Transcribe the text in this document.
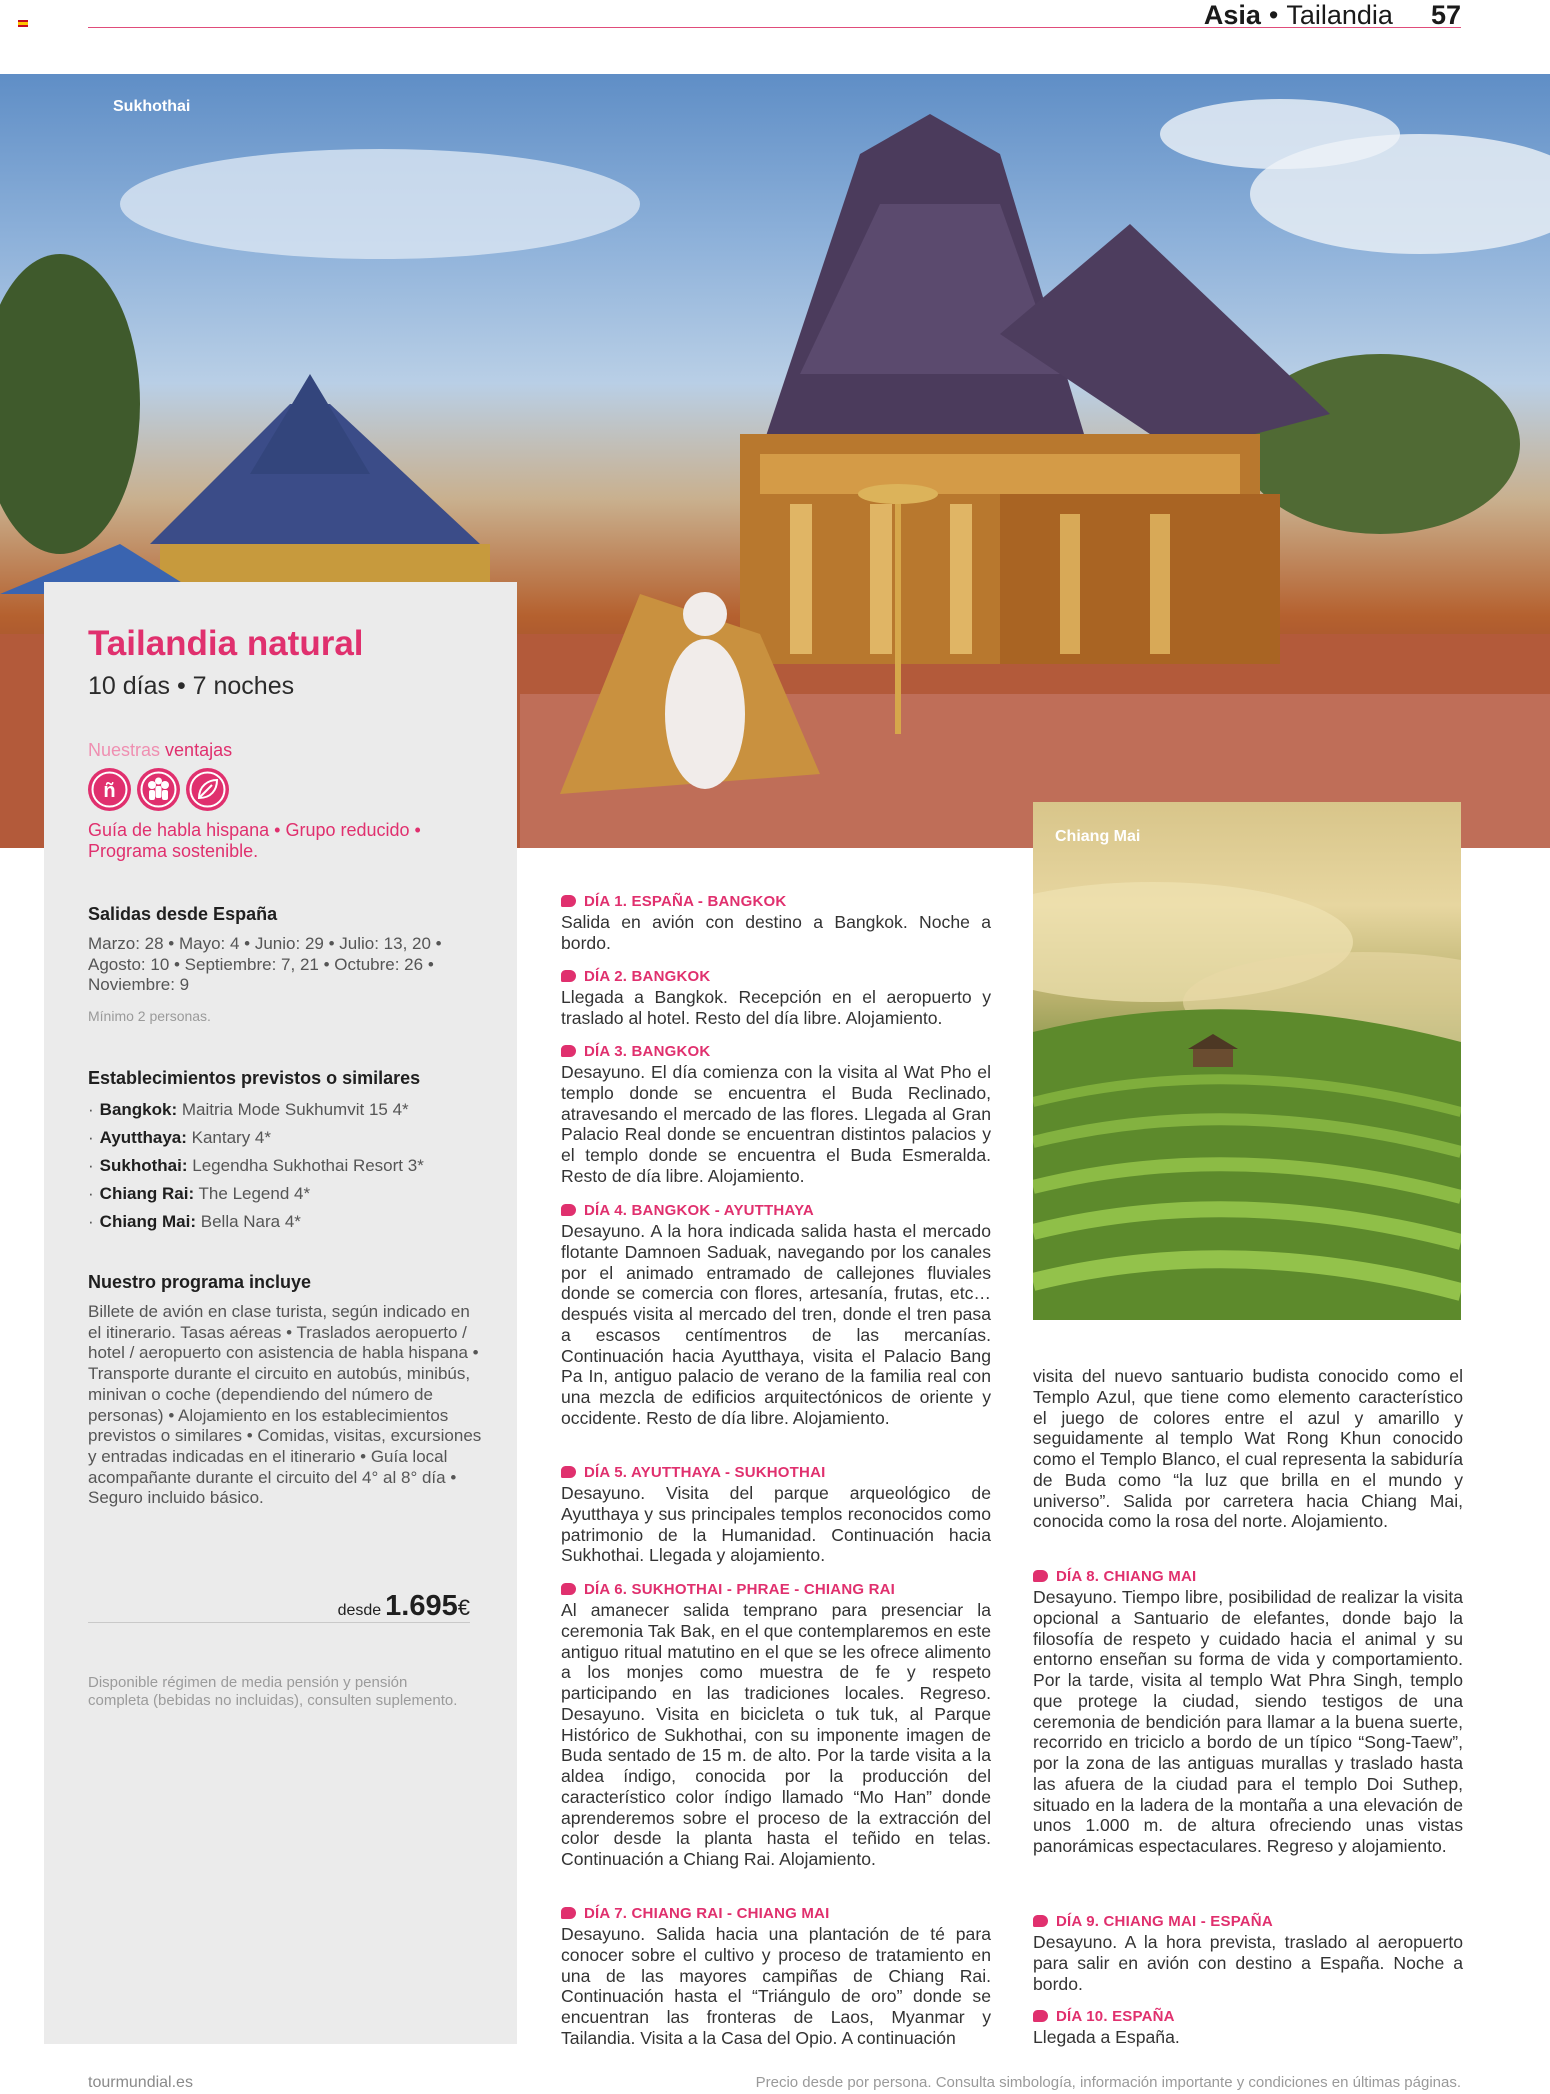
Asia • Tailandia 57
Sukhothai
Tailandia natural
10 días • 7 noches
Nuestras ventajas
ñ
Guía de habla hispana • Grupo reducido • Programa sostenible.
Salidas desde España
Marzo: 28 • Mayo: 4 • Junio: 29 • Julio: 13, 20 • Agosto: 10 • Septiembre: 7, 21 • Octubre: 26 • Noviembre: 9
Mínimo 2 personas.
Establecimientos previstos o similares
· Bangkok: Maitria Mode Sukhumvit 15 4*
· Ayutthaya: Kantary 4*
· Sukhothai: Legendha Sukhothai Resort 3*
· Chiang Rai: The Legend 4*
· Chiang Mai: Bella Nara 4*
Nuestro programa incluye
Billete de avión en clase turista, según indicado en el itinerario. Tasas aéreas • Traslados aeropuerto / hotel / aeropuerto con asistencia de habla hispana • Transporte durante el circuito en autobús, minibús, minivan o coche (dependiendo del número de personas) • Alojamiento en los establecimientos previstos o similares • Comidas, visitas, excursiones y entradas indicadas en el itinerario • Guía local acompañante durante el circuito del 4° al 8° día • Seguro incluido básico.
desde 1.695€
Disponible régimen de media pensión y pensión completa (bebidas no incluidas), consulten suplemento.
DÍA 1. ESPAÑA - BANGKOK
Salida en avión con destino a Bangkok. Noche a bordo.
DÍA 2. BANGKOK
Llegada a Bangkok. Recepción en el aeropuerto y traslado al hotel. Resto del día libre. Alojamiento.
DÍA 3. BANGKOK
Desayuno. El día comienza con la visita al Wat Pho el templo donde se encuentra el Buda Reclinado, atravesando el mercado de las flores. Llegada al Gran Palacio Real donde se encuentran distintos palacios y el templo donde se encuentra el Buda Esmeralda. Resto de día libre. Alojamiento.
DÍA 4. BANGKOK - AYUTTHAYA
Desayuno. A la hora indicada salida hasta el mercado flotante Damnoen Saduak, navegando por los canales por el animado entramado de callejones fluviales donde se comercia con flores, artesanía, frutas, etc… después visita al mercado del tren, donde el tren pasa a escasos centímentros de las mercanías. Continuación hacia Ayutthaya, visita el Palacio Bang Pa In, antiguo palacio de verano de la familia real con una mezcla de edificios arquitectónicos de oriente y occidente. Resto de día libre. Alojamiento.
DÍA 5. AYUTTHAYA - SUKHOTHAI
Desayuno. Visita del parque arqueológico de Ayutthaya y sus principales templos reconocidos como patrimonio de la Humanidad. Continuación hacia Sukhothai. Llegada y alojamiento.
DÍA 6. SUKHOTHAI - PHRAE - CHIANG RAI
Al amanecer salida temprano para presenciar la ceremonia Tak Bak, en el que contemplaremos en este antiguo ritual matutino en el que se les ofrece alimento a los monjes como muestra de fe y respeto participando en las tradiciones locales. Regreso. Desayuno. Visita en bicicleta o tuk tuk, al Parque Histórico de Sukhothai, con su imponente imagen de Buda sentado de 15 m. de alto. Por la tarde visita a la aldea índigo, conocida por la producción del característico color índigo llamado “Mo Han” donde aprenderemos sobre el proceso de la extracción del color desde la planta hasta el teñido en telas. Continuación a Chiang Rai. Alojamiento.
DÍA 7. CHIANG RAI - CHIANG MAI
Desayuno. Salida hacia una plantación de té para conocer sobre el cultivo y proceso de tratamiento en una de las mayores campiñas de Chiang Rai. Continuación hasta el “Triángulo de oro” donde se encuentran las fronteras de Laos, Myanmar y Tailandia. Visita a la Casa del Opio. A continuación
Chiang Mai
visita del nuevo santuario budista conocido como el Templo Azul, que tiene como elemento característico el juego de colores entre el azul y amarillo y seguidamente al templo Wat Rong Khun conocido como el Templo Blanco, el cual representa la sabiduría de Buda como “la luz que brilla en el mundo y universo”. Salida por carretera hacia Chiang Mai, conocida como la rosa del norte. Alojamiento.
DÍA 8. CHIANG MAI
Desayuno. Tiempo libre, posibilidad de realizar la visita opcional a Santuario de elefantes, donde bajo la filosofía de respeto y cuidado hacia el animal y su entorno enseñan su forma de vida y comportamiento. Por la tarde, visita al templo Wat Phra Singh, templo que protege la ciudad, siendo testigos de una ceremonia de bendición para llamar a la buena suerte, recorrido en triciclo a bordo de un típico “Song-Taew”, por la zona de las antiguas murallas y traslado hasta las afuera de la ciudad para el templo Doi Suthep, situado en la ladera de la montaña a una elevación de unos 1.000 m. de altura ofreciendo unas vistas panorámicas espectaculares. Regreso y alojamiento.
DÍA 9. CHIANG MAI - ESPAÑA
Desayuno. A la hora prevista, traslado al aeropuerto para salir en avión con destino a España. Noche a bordo.
DÍA 10. ESPAÑA
Llegada a España.
tourmundial.es	Precio desde por persona. Consulta simbología, información importante y condiciones en últimas páginas.
